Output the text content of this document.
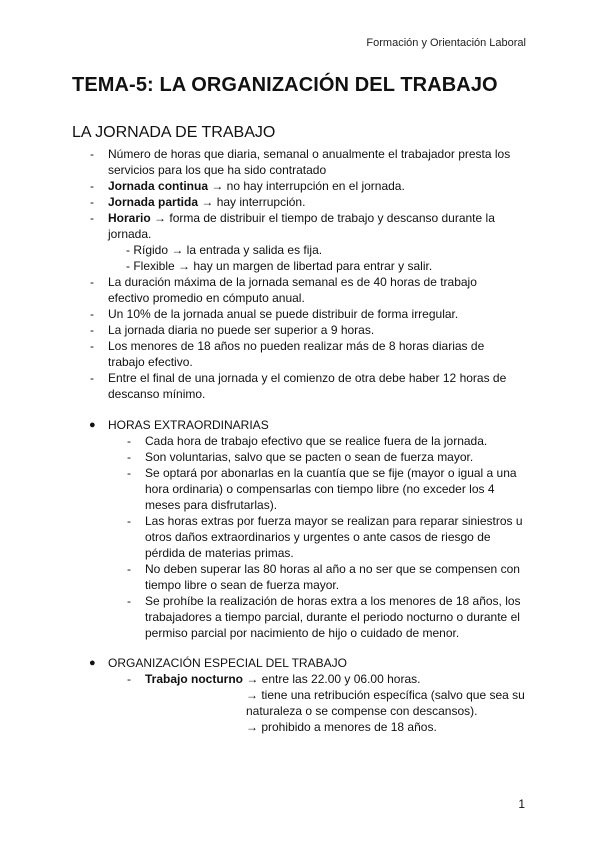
Formación y Orientación Laboral
TEMA-5: LA ORGANIZACIÓN DEL TRABAJO
LA JORNADA DE TRABAJO
- Número de horas que diaria, semanal o anualmente el trabajador presta los servicios para los que ha sido contratado
- Jornada continua → no hay interrupción en el jornada.
- Jornada partida → hay interrupción.
- Horario → forma de distribuir el tiempo de trabajo y descanso durante la jornada.
- Rígido → la entrada y salida es fija.
- Flexible → hay un margen de libertad para entrar y salir.
- La duración máxima de la jornada semanal es de 40 horas de trabajo efectivo promedio en cómputo anual.
- Un 10% de la jornada anual se puede distribuir de forma irregular.
- La jornada diaria no puede ser superior a 9 horas.
- Los menores de 18 años no pueden realizar más de 8 horas diarias de trabajo efectivo.
- Entre el final de una jornada y el comienzo de otra debe haber 12 horas de descanso mínimo.
● HORAS EXTRAORDINARIAS
- Cada hora de trabajo efectivo que se realice fuera de la jornada.
- Son voluntarias, salvo que se pacten o sean de fuerza mayor.
- Se optará por abonarlas en la cuantía que se fije (mayor o igual a una hora ordinaria) o compensarlas con tiempo libre (no exceder los 4 meses para disfrutarlas).
- Las horas extras por fuerza mayor se realizan para reparar siniestros u otros daños extraordinarios y urgentes o ante casos de riesgo de pérdida de materias primas.
- No deben superar las 80 horas al año a no ser que se compensen con tiempo libre o sean de fuerza mayor.
- Se prohíbe la realización de horas extra a los menores de 18 años, los trabajadores a tiempo parcial, durante el periodo nocturno o durante el permiso parcial por nacimiento de hijo o cuidado de menor.
● ORGANIZACIÓN ESPECIAL DEL TRABAJO
- Trabajo nocturno → entre las 22.00 y 06.00 horas.
→ tiene una retribución específica (salvo que sea su naturaleza o se compense con descansos).
→ prohibido a menores de 18 años.
1
